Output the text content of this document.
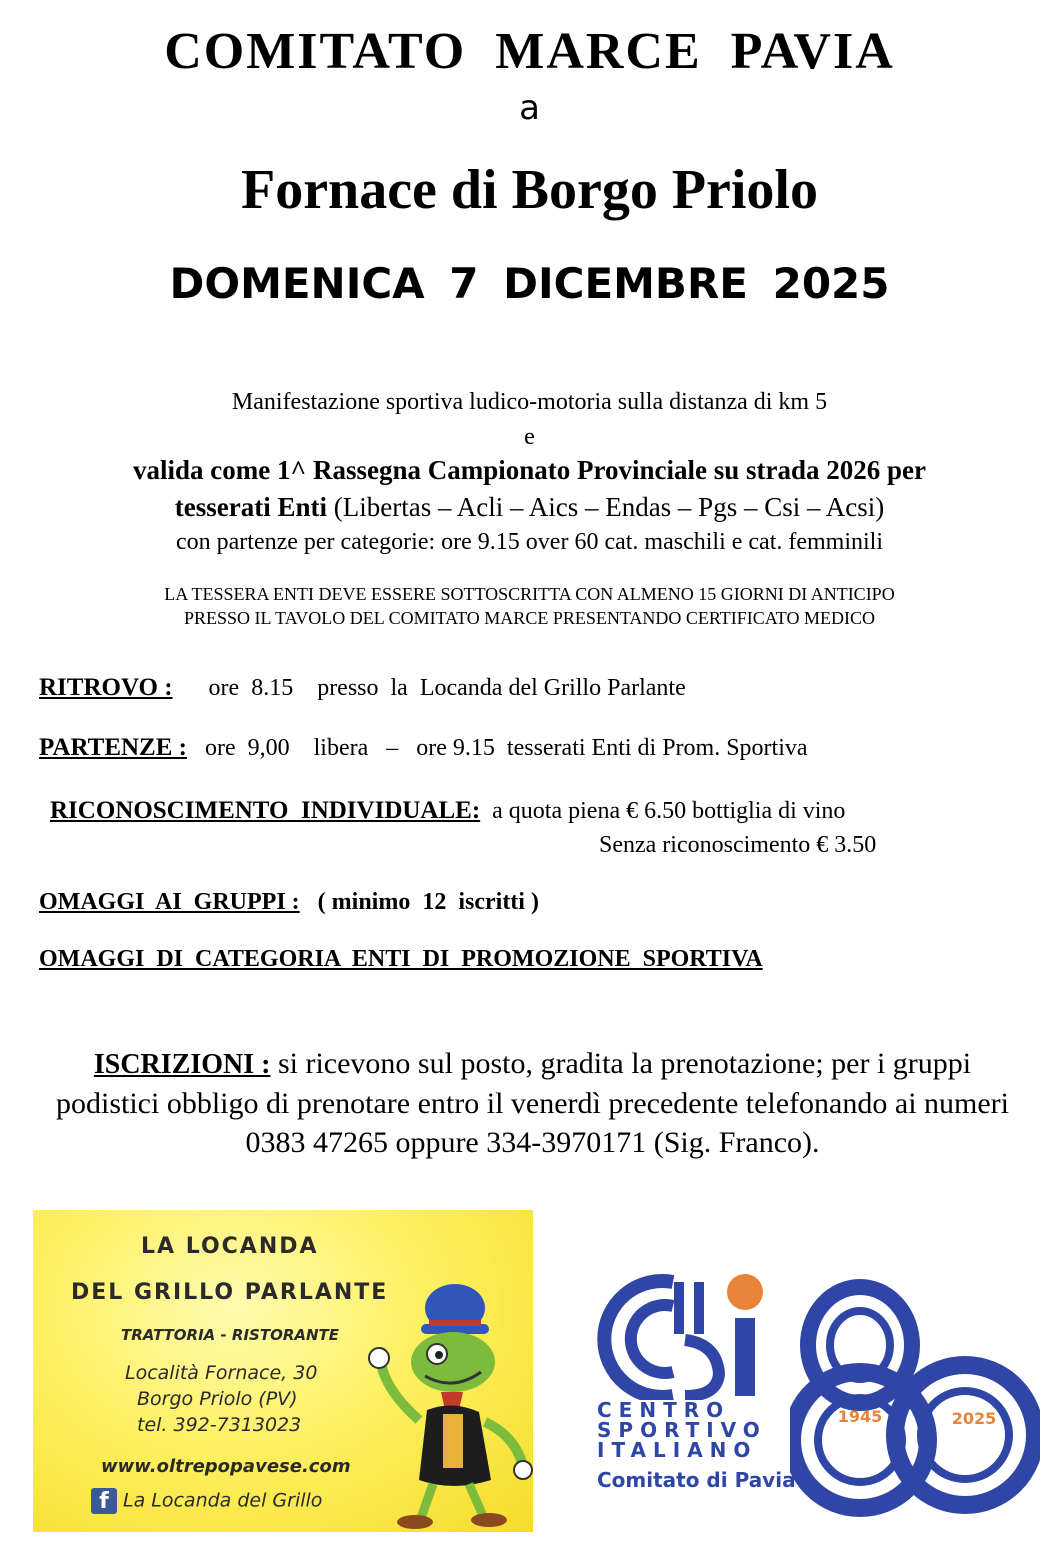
COMITATO MARCE PAVIA
a
Fornace di Borgo Priolo
DOMENICA 7 DICEMBRE 2025
Manifestazione sportiva ludico-motoria sulla distanza di km 5
e
valida come 1^ Rassegna Campionato Provinciale su strada 2026 per
tesserati Enti (Libertas – Acli – Aics – Endas – Pgs – Csi – Acsi)
con partenze per categorie: ore 9.15 over 60 cat. maschili e cat. femminili
LA TESSERA ENTI DEVE ESSERE SOTTOSCRITTA CON ALMENO 15 GIORNI DI ANTICIPO
PRESSO IL TAVOLO DEL COMITATO MARCE PRESENTANDO CERTIFICATO MEDICO
RITROVO :      ore  8.15    presso  la  Locanda del Grillo Parlante
PARTENZE :   ore  9,00    libera   –   ore 9.15  tesserati Enti di Prom. Sportiva
RICONOSCIMENTO  INDIVIDUALE:  a quota piena € 6.50 bottiglia di vino
Senza riconoscimento € 3.50
OMAGGI  AI  GRUPPI :   ( minimo  12  iscritti )
OMAGGI  DI  CATEGORIA  ENTI  DI  PROMOZIONE  SPORTIVA
ISCRIZIONI : si ricevono sul posto, gradita la prenotazione; per i gruppi podistici obbligo di prenotare entro il venerdì precedente telefonando ai numeri 0383 47265 oppure 334-3970171 (Sig. Franco).
LA LOCANDA
DEL GRILLO PARLANTE
TRATTORIA - RISTORANTE
Località Fornace, 30
Borgo Priolo (PV)
tel. 392-7313023
www.oltrepopavese.com
f La Locanda del Grillo
CENTRO
SPORTIVO
ITALIANO
Comitato di Pavia
1945	2025
